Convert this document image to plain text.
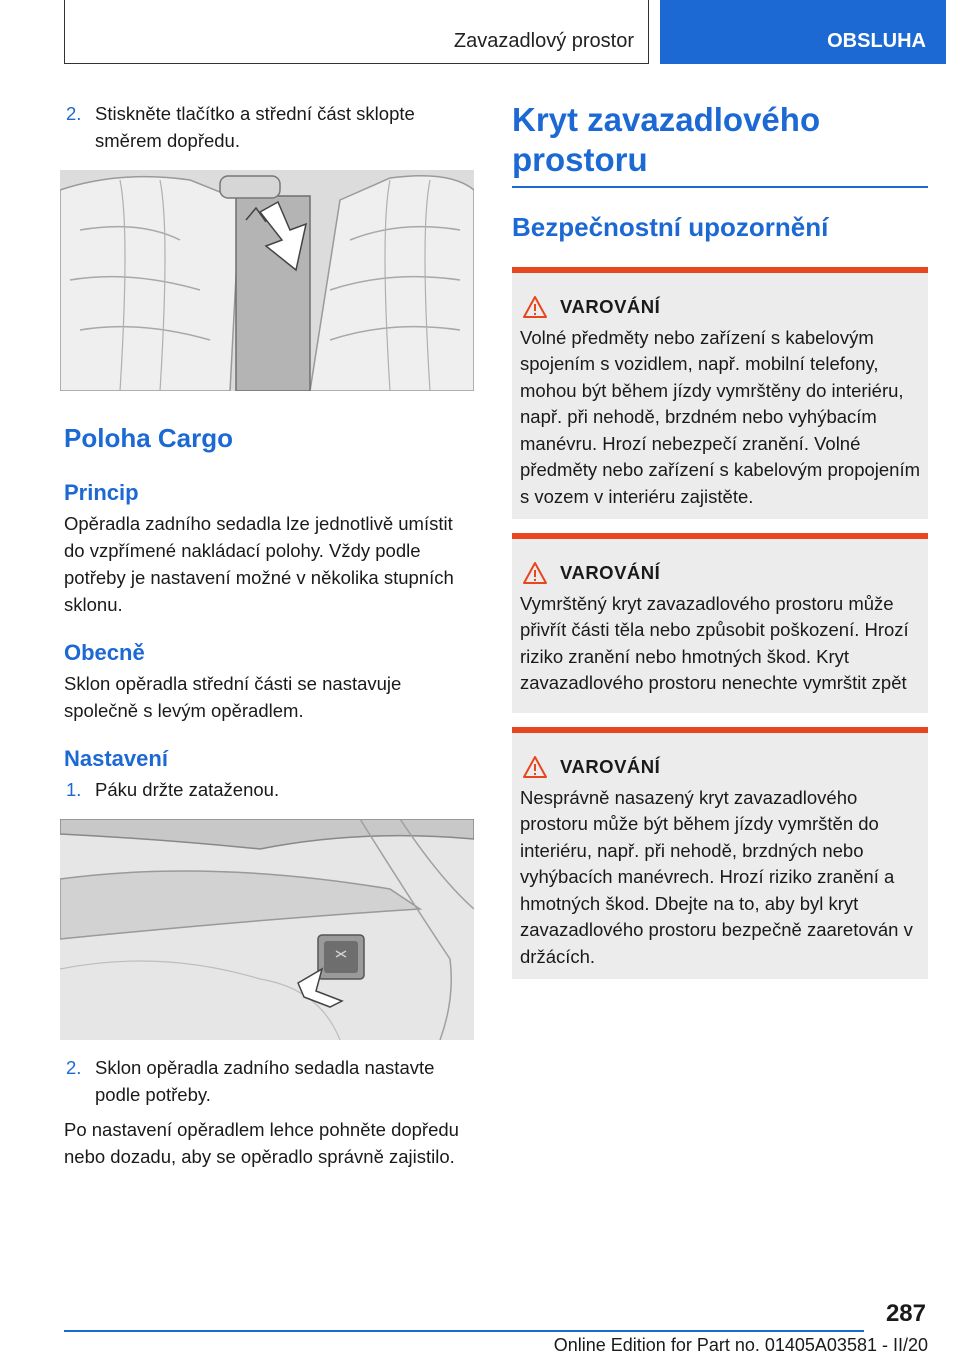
Zavazadlový prostor	OBSLUHA
2. Stiskněte tlačítko a střední část sklopte směrem dopředu.
Poloha Cargo
Princip
Opěradla zadního sedadla lze jednotlivě umístit do vzpřímené nakládací polohy. Vždy podle potřeby je nastavení možné v několika stupních sklonu.
Obecně
Sklon opěradla střední části se nastavuje společně s levým opěradlem.
Nastavení
1. Páku držte zataženou.
2. Sklon opěradla zadního sedadla nastavte podle potřeby.
Po nastavení opěradlem lehce pohněte dopředu nebo dozadu, aby se opěradlo správně zajistilo.
Kryt zavazadlového prostoru
Bezpečnostní upozornění
VAROVÁNÍ
Volné předměty nebo zařízení s kabelovým spojením s vozidlem, např. mobilní telefony, mohou být během jízdy vymrštěny do interiéru, např. při nehodě, brzdném nebo vyhýbacím manévru. Hrozí nebezpečí zranění. Volné předměty nebo zařízení s kabelovým propojením s vozem v interiéru zajistěte.
VAROVÁNÍ
Vymrštěný kryt zavazadlového prostoru může přivřít části těla nebo způsobit poškození. Hrozí riziko zranění nebo hmotných škod. Kryt zavazadlového prostoru nenechte vymrštit zpět
VAROVÁNÍ
Nesprávně nasazený kryt zavazadlového prostoru může být během jízdy vymrštěn do interiéru, např. při nehodě, brzdných nebo vyhýbacích manévrech. Hrozí riziko zranění a hmotných škod. Dbejte na to, aby byl kryt zavazadlového prostoru bezpečně zaaretován v držácích.
287
Online Edition for Part no. 01405A03581 - II/20
